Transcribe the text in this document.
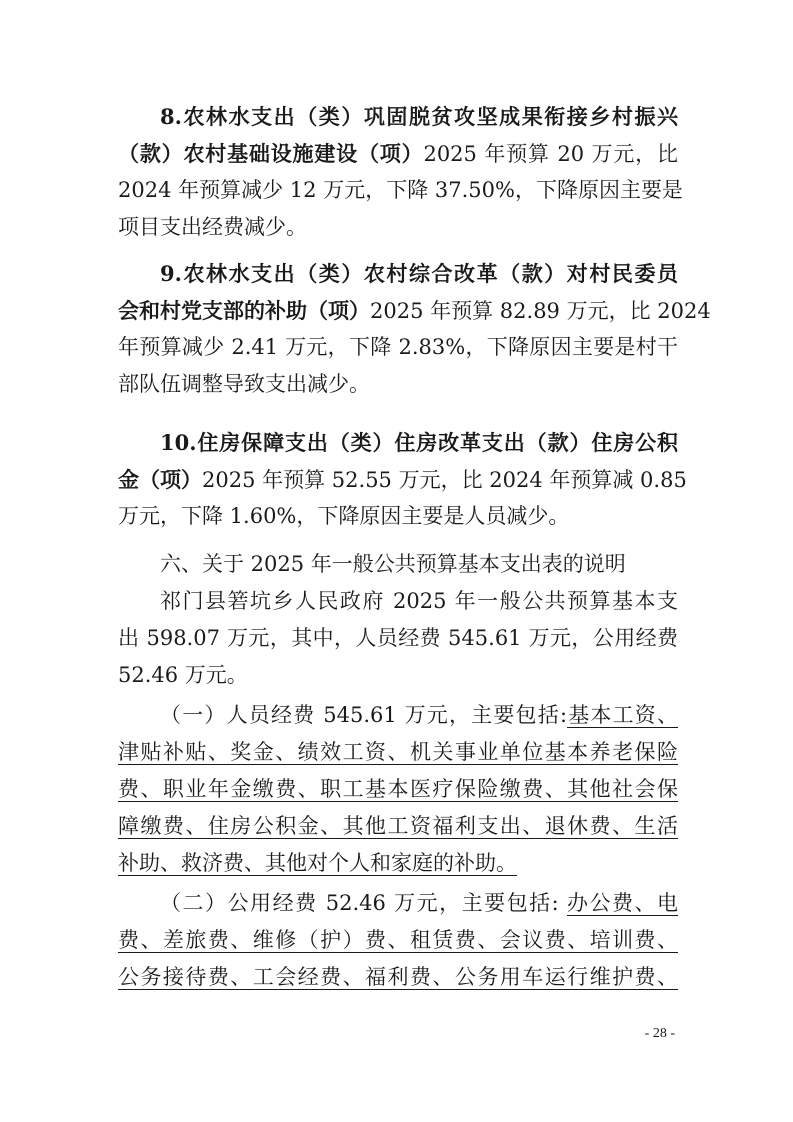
8.农林水支出（类）巩固脱贫攻坚成果衔接乡村振兴
（款）农村基础设施建设（项）2025 年预算 20 万元，比
2024 年预算减少 12 万元，下降 37.50%，下降原因主要是
项目支出经费减少。
9.农林水支出（类）农村综合改革（款）对村民委员
会和村党支部的补助（项）2025 年预算 82.89 万元，比 2024
年预算减少 2.41 万元，下降 2.83%，下降原因主要是村干
部队伍调整导致支出减少。
10.住房保障支出（类）住房改革支出（款）住房公积
金（项）2025 年预算 52.55 万元，比 2024 年预算减 0.85
万元，下降 1.60%，下降原因主要是人员减少。
六、关于 2025 年一般公共预算基本支出表的说明
祁门县箬坑乡人民政府 2025 年一般公共预算基本支
出 598.07 万元，其中，人员经费 545.61 万元，公用经费
52.46 万元。
（一）人员经费 545.61 万元，主要包括:基本工资、
津贴补贴、奖金、绩效工资、机关事业单位基本养老保险
费、职业年金缴费、职工基本医疗保险缴费、其他社会保
障缴费、住房公积金、其他工资福利支出、退休费、生活
补助、救济费、其他对个人和家庭的补助。
（二）公用经费 52.46 万元，主要包括: 办公费、电
费、差旅费、维修（护）费、租赁费、会议费、培训费、
公务接待费、工会经费、福利费、公务用车运行维护费、
- 28 -
